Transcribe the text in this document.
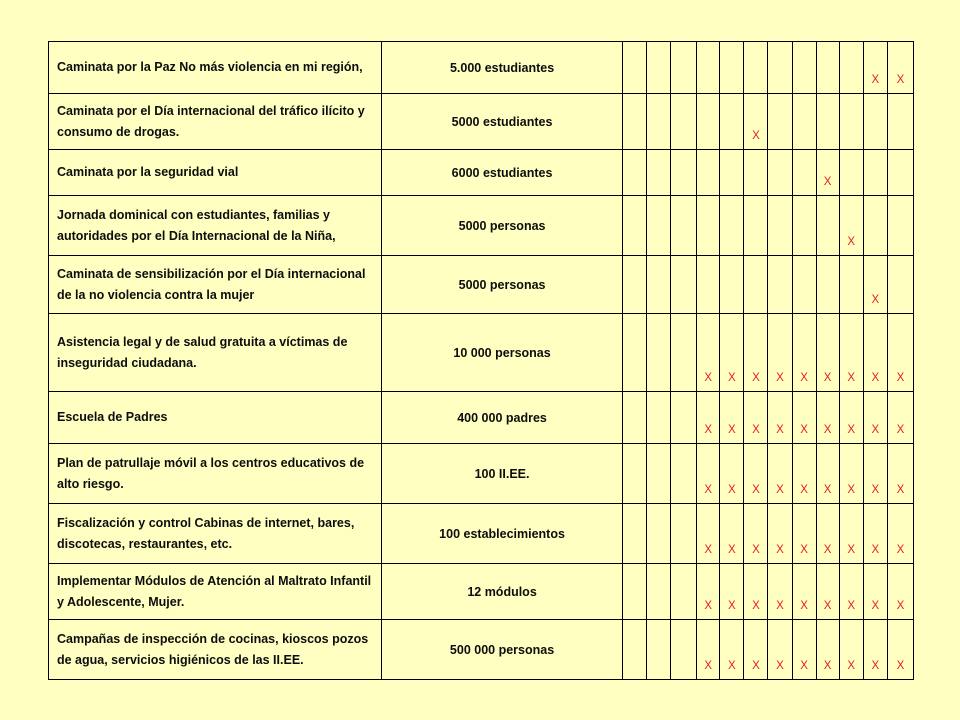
Caminata por la Paz No más violencia en mi región,	5.000 estudiantes											X	X
Caminata por el Día internacional del tráfico ilícito y consumo de drogas.	5000 estudiantes						X						
Caminata por la seguridad vial	6000 estudiantes									X			
Jornada dominical con estudiantes, familias y autoridades por el Día Internacional de la Niña,	5000 personas										X		
Caminata de sensibilización por el Día internacional de la no violencia contra la mujer	5000 personas											X	
Asistencia legal y de salud gratuita a víctimas de inseguridad ciudadana.	10 000 personas				X	X	X	X	X	X	X	X	X
Escuela de Padres	400 000 padres				X	X	X	X	X	X	X	X	X
Plan de patrullaje móvil a los centros educativos de alto riesgo.	100 II.EE.				X	X	X	X	X	X	X	X	X
Fiscalización y control Cabinas de internet, bares, discotecas, restaurantes, etc.	100 establecimientos				X	X	X	X	X	X	X	X	X
Implementar Módulos de Atención al Maltrato Infantil y Adolescente, Mujer.	12 módulos				X	X	X	X	X	X	X	X	X
Campañas de inspección de cocinas, kioscos pozos de agua, servicios higiénicos de las II.EE.	500 000 personas				X	X	X	X	X	X	X	X	X
